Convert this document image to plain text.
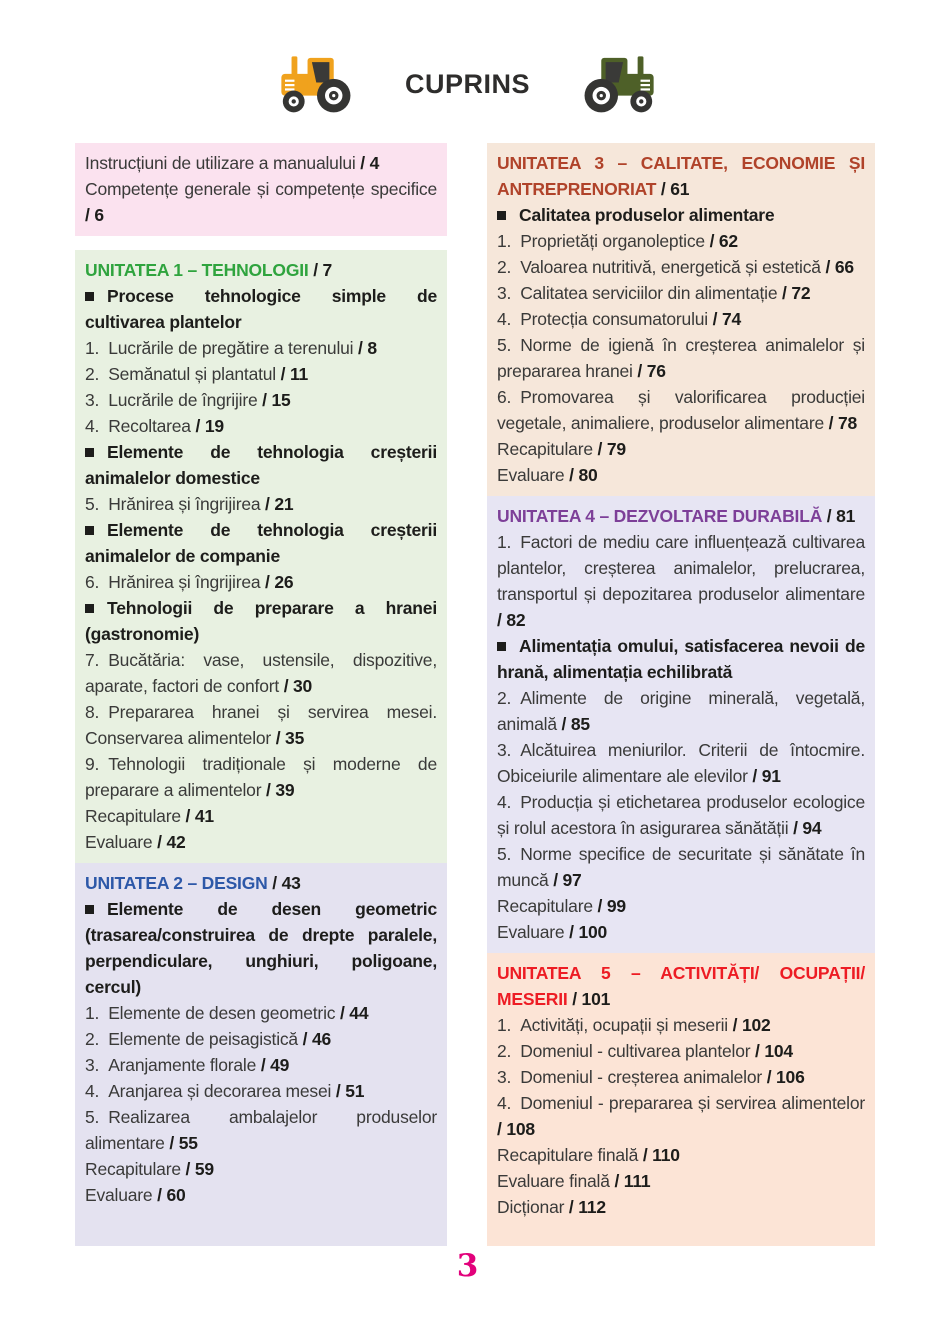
CUPRINS
Instrucțiuni de utilizare a manualului / 4
Competențe generale și competențe specifice / 6
UNITATEA 1 – TEHNOLOGII / 7
Procese tehnologice simple de cultivarea plantelor
1. Lucrările de pregătire a terenului / 8
2. Semănatul și plantatul / 11
3. Lucrările de îngrijire / 15
4. Recoltarea / 19
Elemente de tehnologia creșterii animalelor domestice
5. Hrănirea și îngrijirea / 21
Elemente de tehnologia creșterii animalelor de companie
6. Hrănirea și îngrijirea / 26
Tehnologii de preparare a hranei (gastronomie)
7. Bucătăria: vase, ustensile, dispozitive, aparate, factori de confort / 30
8. Prepararea hranei și servirea mesei. Conservarea alimentelor / 35
9. Tehnologii tradiționale și moderne de preparare a alimentelor / 39
Recapitulare / 41
Evaluare / 42
UNITATEA 2 – DESIGN / 43
Elemente de desen geometric (trasarea/construirea de drepte paralele, perpendiculare, unghiuri, poligoane, cercul)
1. Elemente de desen geometric / 44
2. Elemente de peisagistică / 46
3. Aranjamente florale / 49
4. Aranjarea și decorarea mesei / 51
5. Realizarea ambalajelor produselor alimentare / 55
Recapitulare / 59
Evaluare / 60
UNITATEA 3 – CALITATE, ECONOMIE ȘI ANTREPRENORIAT / 61
Calitatea produselor alimentare
1. Proprietăți organoleptice / 62
2. Valoarea nutritivă, energetică și estetică / 66
3. Calitatea serviciilor din alimentație / 72
4. Protecția consumatorului / 74
5. Norme de igienă în creșterea animalelor și prepararea hranei / 76
6. Promovarea și valorificarea producției vegetale, animaliere, produselor alimentare / 78
Recapitulare / 79
Evaluare / 80
UNITATEA 4 – DEZVOLTARE DURABILĂ / 81
1. Factori de mediu care influențează cultivarea plantelor, creșterea animalelor, prelucrarea, transportul și depozitarea produselor alimentare / 82
Alimentația omului, satisfacerea nevoii de hrană, alimentația echilibrată
2. Alimente de origine minerală, vegetală, animală / 85
3. Alcătuirea meniurilor. Criterii de întocmire. Obiceiurile alimentare ale elevilor / 91
4. Producția și etichetarea produselor ecologice și rolul acestora în asigurarea sănătății / 94
5. Norme specifice de securitate și sănătate în muncă / 97
Recapitulare / 99
Evaluare / 100
UNITATEA 5 – ACTIVITĂȚI/ OCUPAȚII/ MESERII / 101
1. Activități, ocupații și meserii / 102
2. Domeniul - cultivarea plantelor / 104
3. Domeniul - creșterea animalelor / 106
4. Domeniul - prepararea și servirea alimentelor / 108
Recapitulare finală / 110
Evaluare finală / 111
Dicționar / 112
3
